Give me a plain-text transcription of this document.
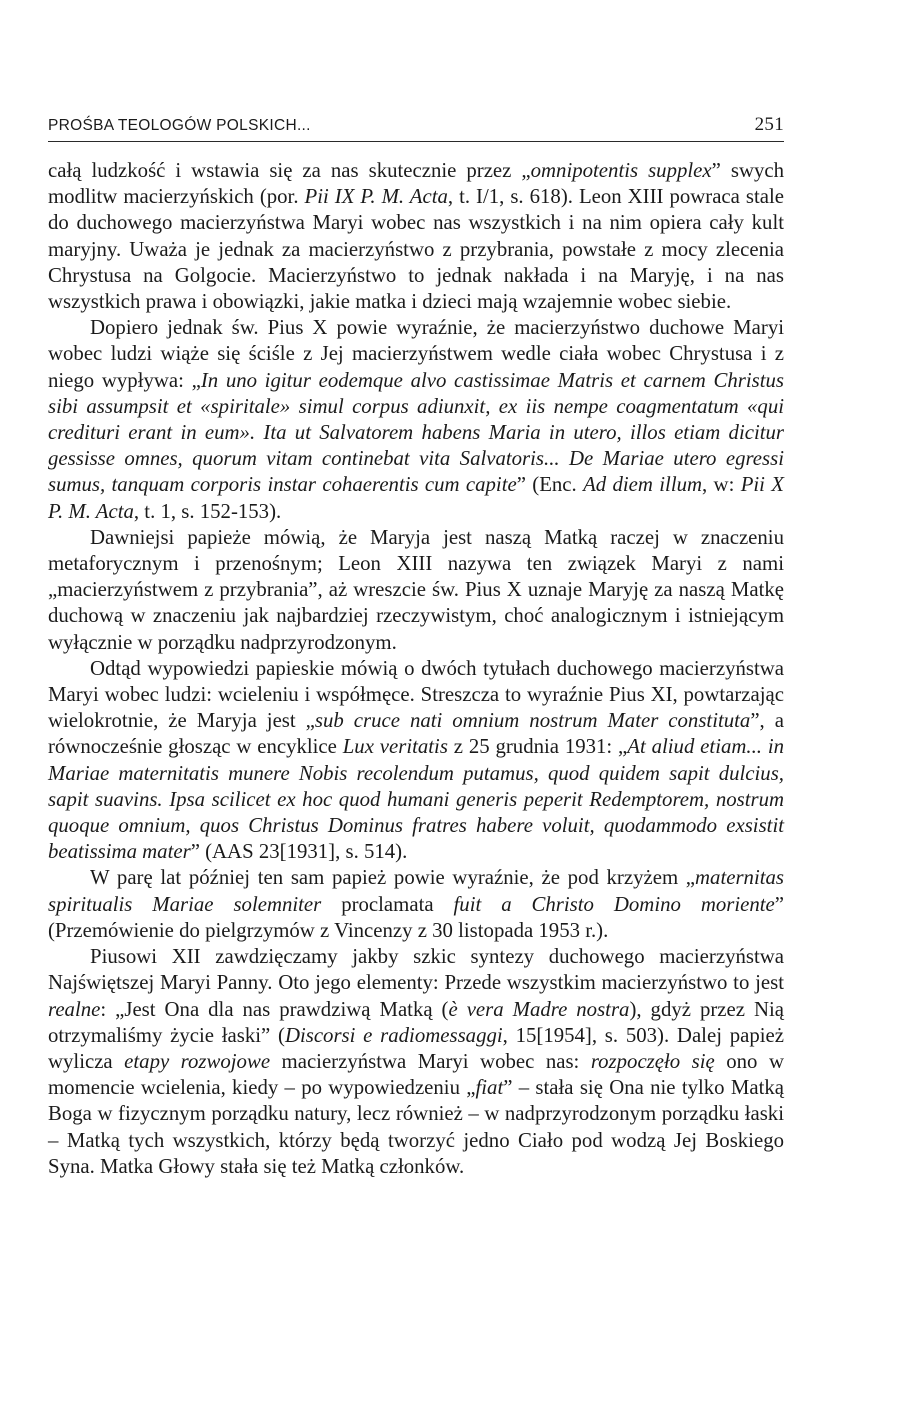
PROŚBA TEOLOGÓW POLSKICH...	251

całą ludzkość i wstawia się za nas skutecznie przez „omnipotentis supplex” swych modlitw macierzyńskich (por. Pii IX P. M. Acta, t. I/1, s. 618). Leon XIII powraca stale do duchowego macierzyństwa Maryi wobec nas wszystkich i na nim opiera cały kult maryjny. Uważa je jednak za macierzyństwo z przybrania, powstałe z mocy zlecenia Chrystusa na Golgocie. Macierzyństwo to jednak nakłada i na Maryję, i na nas wszystkich prawa i obowiązki, jakie matka i dzieci mają wzajemnie wobec siebie.

Dopiero jednak św. Pius X powie wyraźnie, że macierzyństwo duchowe Maryi wobec ludzi wiąże się ściśle z Jej macierzyństwem wedle ciała wobec Chrystusa i z niego wypływa: „In uno igitur eodemque alvo castissimae Matris et carnem Christus sibi assumpsit et «spiritale» simul corpus adiunxit, ex iis nempe coagmentatum «qui credituri erant in eum». Ita ut Salvatorem habens Maria in utero, illos etiam dicitur gessisse omnes, quorum vitam continebat vita Salvatoris... De Mariae utero egressi sumus, tanquam corporis instar cohaerentis cum capite” (Enc. Ad diem illum, w: Pii X P. M. Acta, t. 1, s. 152-153).

Dawniejsi papieże mówią, że Maryja jest naszą Matką raczej w znaczeniu metaforycznym i przenośnym; Leon XIII nazywa ten związek Maryi z nami „macierzyństwem z przybrania”, aż wreszcie św. Pius X uznaje Maryję za naszą Matkę duchową w znaczeniu jak najbardziej rzeczywistym, choć analogicznym i istniejącym wyłącznie w porządku nadprzyrodzonym.

Odtąd wypowiedzi papieskie mówią o dwóch tytułach duchowego macierzyństwa Maryi wobec ludzi: wcieleniu i współmęce. Streszcza to wyraźnie Pius XI, powtarzając wielokrotnie, że Maryja jest „sub cruce nati omnium nostrum Mater constituta”, a równocześnie głosząc w encyklice Lux veritatis z 25 grudnia 1931: „At aliud etiam... in Mariae maternitatis munere Nobis recolendum putamus, quod quidem sapit dulcius, sapit suavins. Ipsa scilicet ex hoc quod humani generis peperit Redemptorem, nostrum quoque omnium, quos Christus Dominus fratres habere voluit, quodammodo exsistit beatissima mater” (AAS 23[1931], s. 514).

W parę lat później ten sam papież powie wyraźnie, że pod krzyżem „maternitas spiritualis Mariae solemniter proclamata fuit a Christo Domino moriente” (Przemówienie do pielgrzymów z Vincenzy z 30 listopada 1953 r.).

Piusowi XII zawdzięczamy jakby szkic syntezy duchowego macierzyństwa Najświętszej Maryi Panny. Oto jego elementy: Przede wszystkim macierzyństwo to jest realne: „Jest Ona dla nas prawdziwą Matką (è vera Madre nostra), gdyż przez Nią otrzymaliśmy życie łaski” (Discorsi e radiomessaggi, 15[1954], s. 503). Dalej papież wylicza etapy rozwojowe macierzyństwa Maryi wobec nas: rozpoczęło się ono w momencie wcielenia, kiedy – po wypowiedzeniu „fiat” – stała się Ona nie tylko Matką Boga w fizycznym porządku natury, lecz również – w nadprzyrodzonym porządku łaski – Matką tych wszystkich, którzy będą tworzyć jedno Ciało pod wodzą Jej Boskiego Syna. Matka Głowy stała się też Matką członków.
